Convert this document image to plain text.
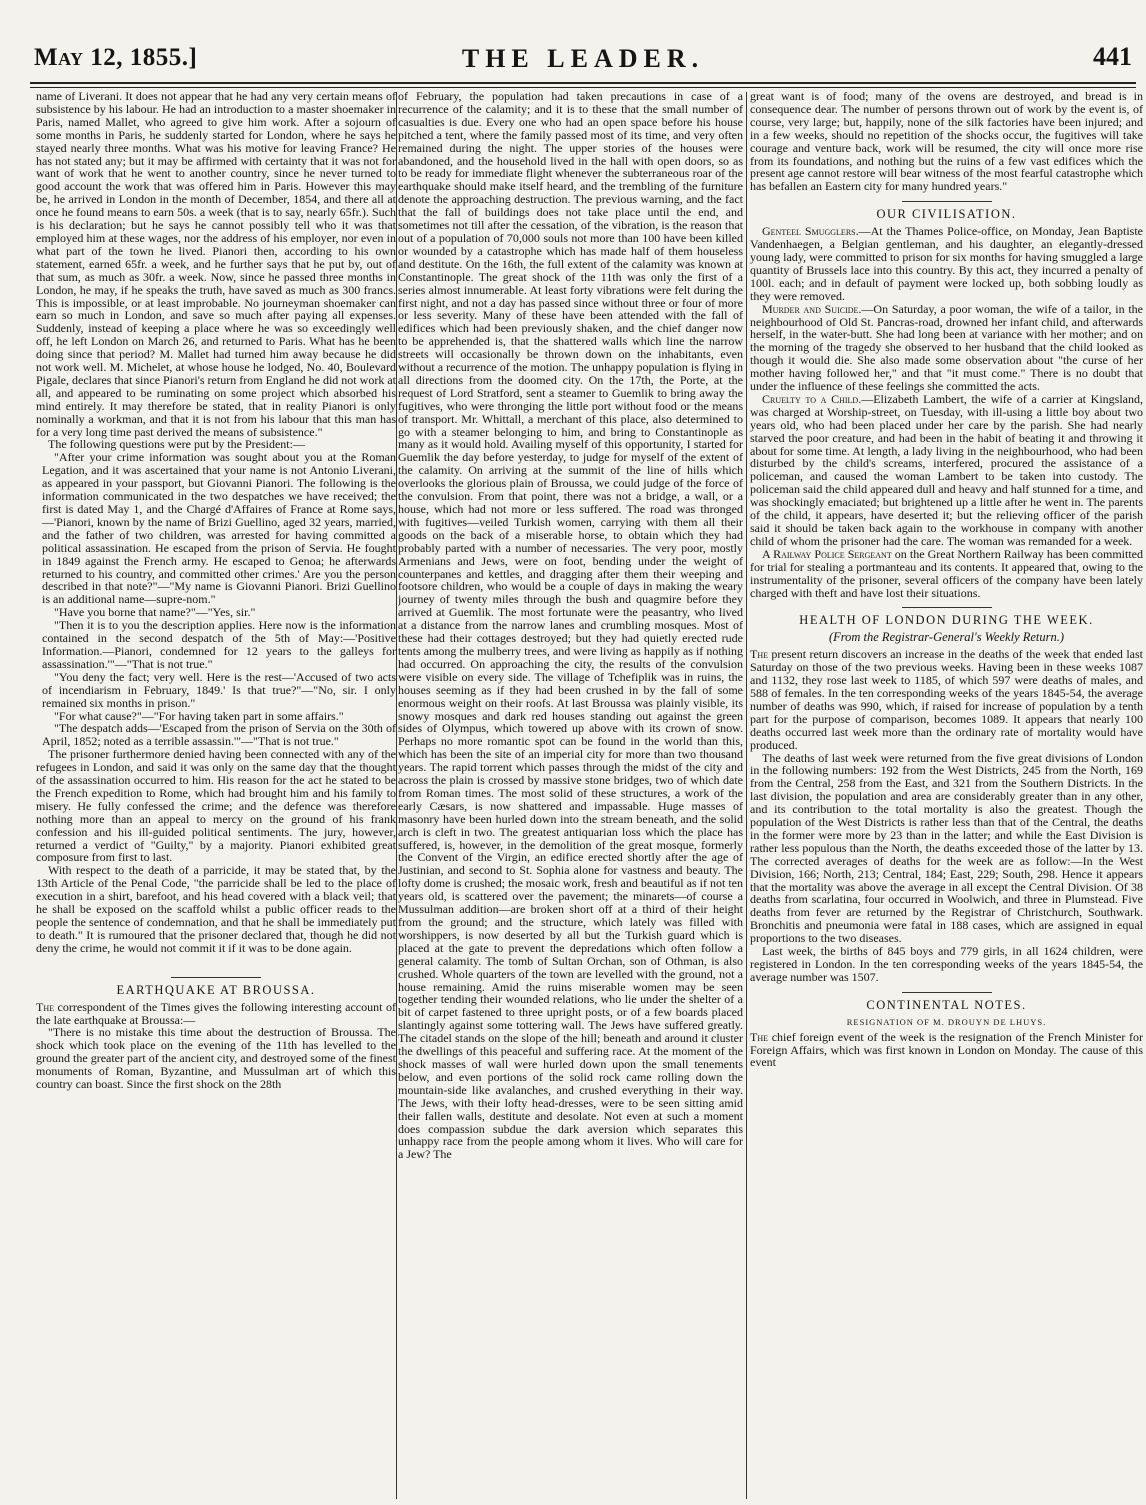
May 12, 1855.]	THE LEADER.	441

name of Liverani. It does not appear that he had any very certain means of subsistence by his labour. He had an introduction to a master shoemaker in Paris, named Mallet, who agreed to give him work. After a sojourn of some months in Paris, he suddenly started for London, where he says he stayed nearly three months. What was his motive for leaving France? He has not stated any; but it may be affirmed with certainty that it was not for want of work that he went to another country, since he never turned to good account the work that was offered him in Paris. However this may be, he arrived in London in the month of December, 1854, and there all at once he found means to earn 50s. a week (that is to say, nearly 65fr.). Such is his declaration; but he says he cannot possibly tell who it was that employed him at these wages, nor the address of his employer, nor even in what part of the town he lived. Pianori then, according to his own statement, earned 65fr. a week, and he further says that he put by, out of that sum, as much as 30fr. a week. Now, since he passed three months in London, he may, if he speaks the truth, have saved as much as 300 francs. This is impossible, or at least improbable. No journeyman shoemaker can earn so much in London, and save so much after paying all expenses. Suddenly, instead of keeping a place where he was so exceedingly well off, he left London on March 26, and returned to Paris. What has he been doing since that period? M. Mallet had turned him away because he did not work well. M. Michelet, at whose house he lodged, No. 40, Boulevard Pigale, declares that since Pianori's return from England he did not work at all, and appeared to be ruminating on some project which absorbed his mind entirely. It may therefore be stated, that in reality Pianori is only nominally a workman, and that it is not from his labour that this man has for a very long time past derived the means of subsistence."

The following questions were put by the President:—

"After your crime information was sought about you at the Roman Legation, and it was ascertained that your name is not Antonio Liverani, as appeared in your passport, but Giovanni Pianori. The following is the information communicated in the two despatches we have received; the first is dated May 1, and the Chargé d'Affaires of France at Rome says,—'Pianori, known by the name of Brizi Guellino, aged 32 years, married, and the father of two children, was arrested for having committed a political assassination. He escaped from the prison of Servia. He fought in 1849 against the French army. He escaped to Genoa; he afterwards returned to his country, and committed other crimes.' Are you the person described in that note?"—"My name is Giovanni Pianori. Brizi Guellino is an additional name—supre-nom."

"Have you borne that name?"—"Yes, sir."

"Then it is to you the description applies. Here now is the information contained in the second despatch of the 5th of May:—'Positive Information.—Pianori, condemned for 12 years to the galleys for assassination.'"—"That is not true."

"You deny the fact; very well. Here is the rest—'Accused of two acts of incendiarism in February, 1849.' Is that true?"—"No, sir. I only remained six months in prison."

"For what cause?"—"For having taken part in some affairs."

"The despatch adds—'Escaped from the prison of Servia on the 30th of April, 1852; noted as a terrible assassin.'"—"That is not true."

The prisoner furthermore denied having been connected with any of the refugees in London, and said it was only on the same day that the thought of the assassination occurred to him. His reason for the act he stated to be the French expedition to Rome, which had brought him and his family to misery. He fully confessed the crime; and the defence was therefore nothing more than an appeal to mercy on the ground of his frank confession and his ill-guided political sentiments. The jury, however, returned a verdict of "Guilty," by a majority. Pianori exhibited great composure from first to last.

With respect to the death of a parricide, it may be stated that, by the 13th Article of the Penal Code, "the parricide shall be led to the place of execution in a shirt, barefoot, and his head covered with a black veil; that he shall be exposed on the scaffold whilst a public officer reads to the people the sentence of condemnation, and that he shall be immediately put to death." It is rumoured that the prisoner declared that, though he did not deny the crime, he would not commit it if it was to be done again.

EARTHQUAKE AT BROUSSA.

The correspondent of the Times gives the following interesting account of the late earthquake at Broussa:—

"There is no mistake this time about the destruction of Broussa. The shock which took place on the evening of the 11th has levelled to the ground the greater part of the ancient city, and destroyed some of the finest monuments of Roman, Byzantine, and Mussulman art of which this country can boast. Since the first shock on the 28th

of February, the population had taken precautions in case of a recurrence of the calamity; and it is to these that the small number of casualties is due. Every one who had an open space before his house pitched a tent, where the family passed most of its time, and very often remained during the night. The upper stories of the houses were abandoned, and the household lived in the hall with open doors, so as to be ready for immediate flight whenever the subterraneous roar of the earthquake should make itself heard, and the trembling of the furniture denote the approaching destruction. The previous warning, and the fact that the fall of buildings does not take place until the end, and sometimes not till after the cessation, of the vibration, is the reason that out of a population of 70,000 souls not more than 100 have been killed or wounded by a catastrophe which has made half of them houseless and destitute. On the 16th, the full extent of the calamity was known at Constantinople. The great shock of the 11th was only the first of a series almost innumerable. At least forty vibrations were felt during the first night, and not a day has passed since without three or four of more or less severity. Many of these have been attended with the fall of edifices which had been previously shaken, and the chief danger now to be apprehended is, that the shattered walls which line the narrow streets will occasionally be thrown down on the inhabitants, even without a recurrence of the motion. The unhappy population is flying in all directions from the doomed city. On the 17th, the Porte, at the request of Lord Stratford, sent a steamer to Guemlik to bring away the fugitives, who were thronging the little port without food or the means of transport. Mr. Whittall, a merchant of this place, also determined to go with a steamer belonging to him, and bring to Constantinople as many as it would hold. Availing myself of this opportunity, I started for Guemlik the day before yesterday, to judge for myself of the extent of the calamity. On arriving at the summit of the line of hills which overlooks the glorious plain of Broussa, we could judge of the force of the convulsion. From that point, there was not a bridge, a wall, or a house, which had not more or less suffered. The road was thronged with fugitives—veiled Turkish women, carrying with them all their goods on the back of a miserable horse, to obtain which they had probably parted with a number of necessaries. The very poor, mostly Armenians and Jews, were on foot, bending under the weight of counterpanes and kettles, and dragging after them their weeping and footsore children, who would be a couple of days in making the weary journey of twenty miles through the bush and quagmire before they arrived at Guemlik. The most fortunate were the peasantry, who lived at a distance from the narrow lanes and crumbling mosques. Most of these had their cottages destroyed; but they had quietly erected rude tents among the mulberry trees, and were living as happily as if nothing had occurred. On approaching the city, the results of the convulsion were visible on every side. The village of Tchefiplik was in ruins, the houses seeming as if they had been crushed in by the fall of some enormous weight on their roofs. At last Broussa was plainly visible, its snowy mosques and dark red houses standing out against the green sides of Olympus, which towered up above with its crown of snow. Perhaps no more romantic spot can be found in the world than this, which has been the site of an imperial city for more than two thousand years. The rapid torrent which passes through the midst of the city and across the plain is crossed by massive stone bridges, two of which date from Roman times. The most solid of these structures, a work of the early Cæsars, is now shattered and impassable. Huge masses of masonry have been hurled down into the stream beneath, and the solid arch is cleft in two. The greatest antiquarian loss which the place has suffered, is, however, in the demolition of the great mosque, formerly the Convent of the Virgin, an edifice erected shortly after the age of Justinian, and second to St. Sophia alone for vastness and beauty. The lofty dome is crushed; the mosaic work, fresh and beautiful as if not ten years old, is scattered over the pavement; the minarets—of course a Mussulman addition—are broken short off at a third of their height from the ground; and the structure, which lately was filled with worshippers, is now deserted by all but the Turkish guard which is placed at the gate to prevent the depredations which often follow a general calamity. The tomb of Sultan Orchan, son of Othman, is also crushed. Whole quarters of the town are levelled with the ground, not a house remaining. Amid the ruins miserable women may be seen together tending their wounded relations, who lie under the shelter of a bit of carpet fastened to three upright posts, or of a few boards placed slantingly against some tottering wall. The Jews have suffered greatly. The citadel stands on the slope of the hill; beneath and around it cluster the dwellings of this peaceful and suffering race. At the moment of the shock masses of wall were hurled down upon the small tenements below, and even portions of the solid rock came rolling down the mountain-side like avalanches, and crushed everything in their way. The Jews, with their lofty head-dresses, were to be seen sitting amid their fallen walls, destitute and desolate. Not even at such a moment does compassion subdue the dark aversion which separates this unhappy race from the people among whom it lives. Who will care for a Jew? The

great want is of food; many of the ovens are destroyed, and bread is in consequence dear. The number of persons thrown out of work by the event is, of course, very large; but, happily, none of the silk factories have been injured; and in a few weeks, should no repetition of the shocks occur, the fugitives will take courage and venture back, work will be resumed, the city will once more rise from its foundations, and nothing but the ruins of a few vast edifices which the present age cannot restore will bear witness of the most fearful catastrophe which has befallen an Eastern city for many hundred years."

OUR CIVILISATION.

Genteel Smugglers.—At the Thames Police-office, on Monday, Jean Baptiste Vandenhaegen, a Belgian gentleman, and his daughter, an elegantly-dressed young lady, were committed to prison for six months for having smuggled a large quantity of Brussels lace into this country. By this act, they incurred a penalty of 100l. each; and in default of payment were locked up, both sobbing loudly as they were removed.

Murder and Suicide.—On Saturday, a poor woman, the wife of a tailor, in the neighbourhood of Old St. Pancras-road, drowned her infant child, and afterwards herself, in the water-butt. She had long been at variance with her mother; and on the morning of the tragedy she observed to her husband that the child looked as though it would die. She also made some observation about "the curse of her mother having followed her," and that "it must come." There is no doubt that under the influence of these feelings she committed the acts.

Cruelty to a Child.—Elizabeth Lambert, the wife of a carrier at Kingsland, was charged at Worship-street, on Tuesday, with ill-using a little boy about two years old, who had been placed under her care by the parish. She had nearly starved the poor creature, and had been in the habit of beating it and throwing it about for some time. At length, a lady living in the neighbourhood, who had been disturbed by the child's screams, interfered, procured the assistance of a policeman, and caused the woman Lambert to be taken into custody. The policeman said the child appeared dull and heavy and half stunned for a time, and was shockingly emaciated; but brightened up a little after he went in. The parents of the child, it appears, have deserted it; but the relieving officer of the parish said it should be taken back again to the workhouse in company with another child of whom the prisoner had the care. The woman was remanded for a week.

A Railway Police Sergeant on the Great Northern Railway has been committed for trial for stealing a portmanteau and its contents. It appeared that, owing to the instrumentality of the prisoner, several officers of the company have been lately charged with theft and have lost their situations.

HEALTH OF LONDON DURING THE WEEK.
(From the Registrar-General's Weekly Return.)

The present return discovers an increase in the deaths of the week that ended last Saturday on those of the two previous weeks. Having been in these weeks 1087 and 1132, they rose last week to 1185, of which 597 were deaths of males, and 588 of females. In the ten corresponding weeks of the years 1845-54, the average number of deaths was 990, which, if raised for increase of population by a tenth part for the purpose of comparison, becomes 1089. It appears that nearly 100 deaths occurred last week more than the ordinary rate of mortality would have produced.

The deaths of last week were returned from the five great divisions of London in the following numbers: 192 from the West Districts, 245 from the North, 169 from the Central, 258 from the East, and 321 from the Southern Districts. In the last division, the population and area are considerably greater than in any other, and its contribution to the total mortality is also the greatest. Though the population of the West Districts is rather less than that of the Central, the deaths in the former were more by 23 than in the latter; and while the East Division is rather less populous than the North, the deaths exceeded those of the latter by 13. The corrected averages of deaths for the week are as follow:—In the West Division, 166; North, 213; Central, 184; East, 229; South, 298. Hence it appears that the mortality was above the average in all except the Central Division. Of 38 deaths from scarlatina, four occurred in Woolwich, and three in Plumstead. Five deaths from fever are returned by the Registrar of Christchurch, Southwark. Bronchitis and pneumonia were fatal in 188 cases, which are assigned in equal proportions to the two diseases.

Last week, the births of 845 boys and 779 girls, in all 1624 children, were registered in London. In the ten corresponding weeks of the years 1845-54, the average number was 1507.

CONTINENTAL NOTES.
RESIGNATION OF M. DROUYN DE LHUYS.

The chief foreign event of the week is the resignation of the French Minister for Foreign Affairs, which was first known in London on Monday. The cause of this event
